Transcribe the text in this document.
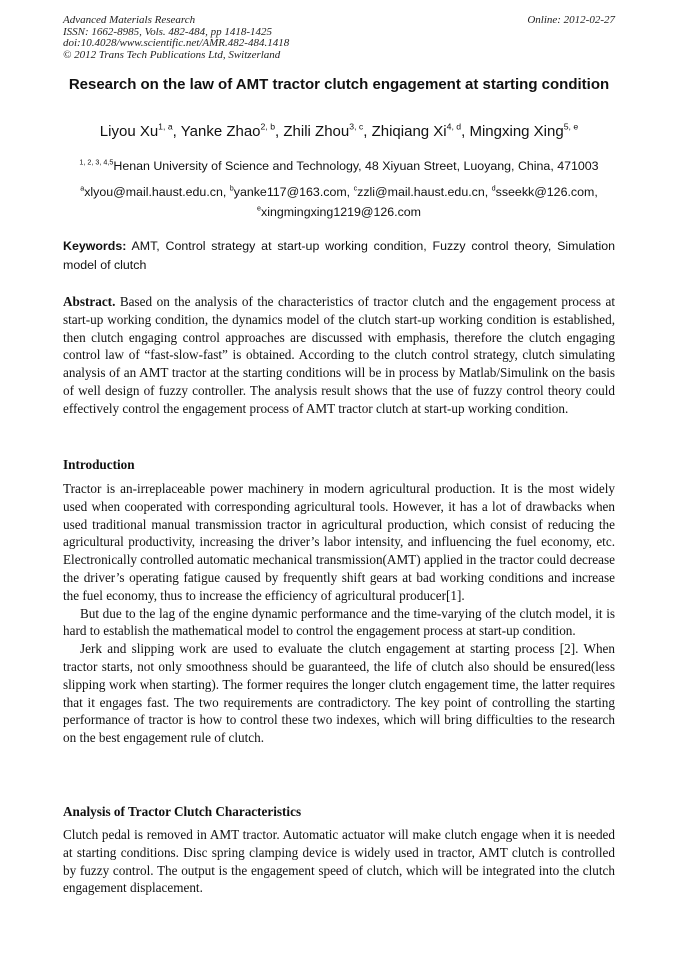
Advanced Materials Research
ISSN: 1662-8985, Vols. 482-484, pp 1418-1425
doi:10.4028/www.scientific.net/AMR.482-484.1418
© 2012 Trans Tech Publications Ltd, Switzerland
Online: 2012-02-27
Research on the law of AMT tractor clutch engagement at starting condition
Liyou Xu$^{1, a}$, Yanke Zhao$^{2, b}$, Zhili Zhou$^{3, c}$, Zhiqiang Xi$^{4, d}$, Mingxing Xing$^{5, e}$
$^{1, 2, 3, 4,5}$Henan University of Science and Technology, 48 Xiyuan Street, Luoyang, China, 471003
$^a$xlyou@mail.haust.edu.cn, $^b$yanke117@163.com, $^c$zzli@mail.haust.edu.cn, $^d$sseekk@126.com,
$^e$xingmingxing1219@126.com
Keywords: AMT, Control strategy at start-up working condition, Fuzzy control theory, Simulation model of clutch
Abstract. Based on the analysis of the characteristics of tractor clutch and the engagement process at start-up working condition, the dynamics model of the clutch start-up working condition is established, then clutch engaging control approaches are discussed with emphasis, therefore the clutch engaging control law of “fast-slow-fast” is obtained. According to the clutch control strategy, clutch simulating analysis of an AMT tractor at the starting conditions will be in process by Matlab/Simulink on the basis of well design of fuzzy controller. The analysis result shows that the use of fuzzy control theory could effectively control the engagement process of AMT tractor clutch at start-up working condition.
Introduction

Tractor is an-irreplaceable power machinery in modern agricultural production. It is the most widely used when cooperated with corresponding agricultural tools. However, it has a lot of drawbacks when used traditional manual transmission tractor in agricultural production, which consist of reducing the agricultural productivity, increasing the driver’s labor intensity, and influencing the fuel economy, etc. Electronically controlled automatic mechanical transmission(AMT) applied in the tractor could decrease the driver’s operating fatigue caused by frequently shift gears at bad working conditions and increase the fuel economy, thus to increase the efficiency of agricultural producer[1].

But due to the lag of the engine dynamic performance and the time-varying of the clutch model, it is hard to establish the mathematical model to control the engagement process at start-up condition.

Jerk and slipping work are used to evaluate the clutch engagement at starting process [2]. When tractor starts, not only smoothness should be guaranteed, the life of clutch also should be ensured(less slipping work when starting). The former requires the longer clutch engagement time, the latter requires that it engages fast. The two requirements are contradictory. The key point of controlling the starting performance of tractor is how to control these two indexes, which will bring difficulties to the research on the best engagement rule of clutch.

Analysis of Tractor Clutch Characteristics

Clutch pedal is removed in AMT tractor. Automatic actuator will make clutch engage when it is needed at starting conditions. Disc spring clamping device is widely used in tractor, AMT clutch is controlled by fuzzy control. The output is the engagement speed of clutch, which will be integrated into the clutch engagement displacement.
